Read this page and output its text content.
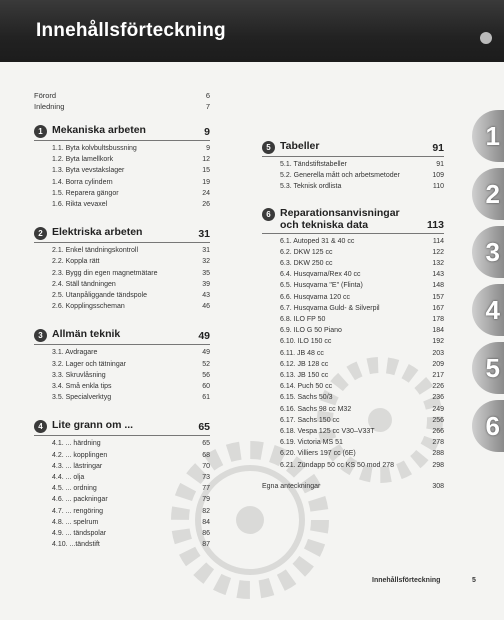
Innehållsförteckning
Förord	6
Inledning	7
1 Mekaniska arbeten	9
1.1. Byta kolvbultsbussning	9
1.2. Byta lamellkork	12
1.3. Byta vevstakslager	15
1.4. Borra cylindern	19
1.5. Reparera gängor	24
1.6. Rikta vevaxel	26
2 Elektriska arbeten	31
2.1. Enkel tändningskontroll	31
2.2. Koppla rätt	32
2.3. Bygg din egen magnetmätare	35
2.4. Ställ tändningen	39
2.5. Utanpåliggande tändspole	43
2.6. Kopplingsscheman	46
3 Allmän teknik	49
3.1. Avdragare	49
3.2. Lager och tätningar	52
3.3. Skruvlåsning	56
3.4. Små enkla tips	60
3.5. Specialverktyg	61
4 Lite grann om ...	65
4.1. ... härdning	65
4.2. ... kopplingen	68
4.3. ... lästringar	70
4.4. ... olja	73
4.5. ... ordning	77
4.6. ... packningar	79
4.7. ... rengöring	82
4.8. ... spelrum	84
4.9. ... tändspolar	86
4.10. ...tändstift	87
5 Tabeller	91
5.1. Tändstiftstabeller	91
5.2. Generella mått och arbetsmetoder	109
5.3. Teknisk ordlista	110
6 Reparationsanvisningar och tekniska data	113
6.1. Autoped 31 & 40 cc	114
6.2. DKW 125 cc	122
6.3. DKW 250 cc	132
6.4. Husqvarna/Rex 40 cc	143
6.5. Husqvarna "E" (Flinta)	148
6.6. Husqvarna 120 cc	157
6.7. Husqvarna Guld- & Silverpil	167
6.8. ILO FP 50	178
6.9. ILO G 50 Piano	184
6.10. ILO 150 cc	192
6.11. JB 48 cc	203
6.12. JB 128 cc	209
6.13. JB 150 cc	217
6.14. Puch 50 cc	226
6.15. Sachs 50/3	236
6.16. Sachs 98 cc M32	249
6.17. Sachs 150 cc	256
6.18. Vespa 125 cc V30–V33T	266
6.19. Victoria MS 51	278
6.20. Villiers 197 cc (6E)	288
6.21. Zündapp 50 cc KS 50 mod 278	298
Egna anteckningar	308
1
2
3
4
5
6
Innehållsförteckning	5
